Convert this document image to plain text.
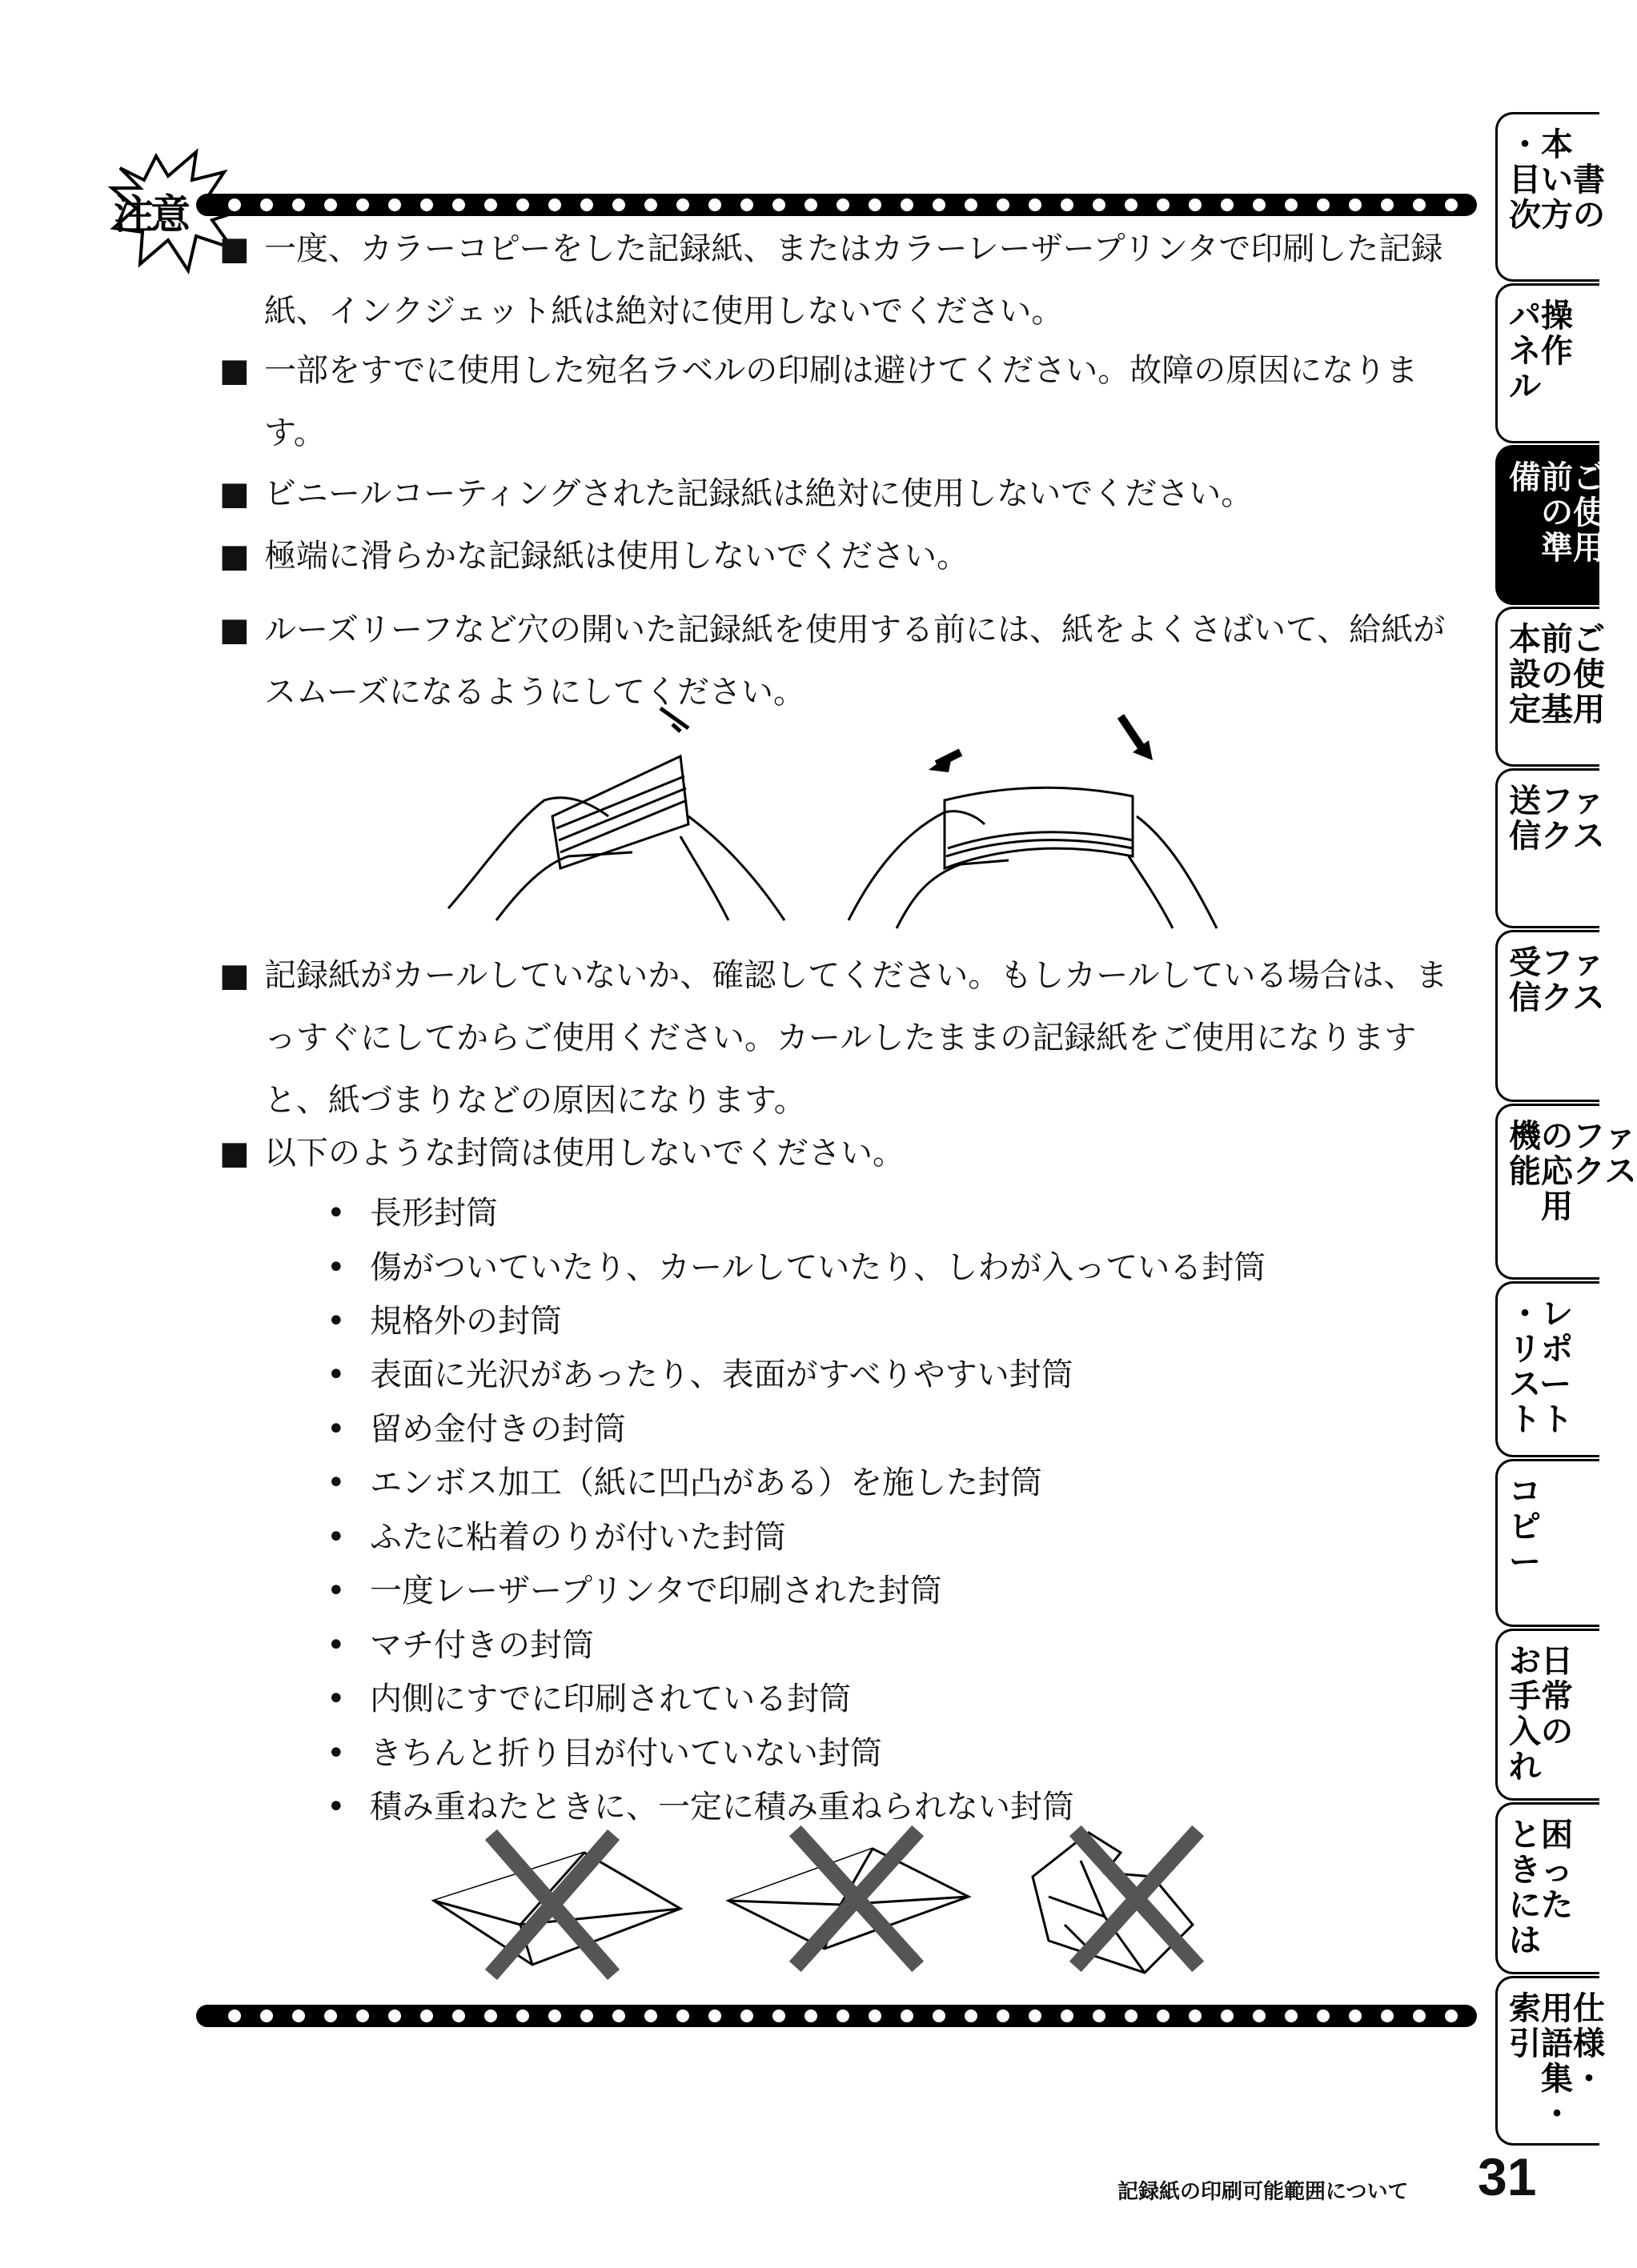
注意
■ 一度、カラーコピーをした記録紙、またはカラーレーザープリンタで印刷した記録紙、インクジェット紙は絶対に使用しないでください。
■ 一部をすでに使用した宛名ラベルの印刷は避けてください。故障の原因になります。
■ ビニールコーティングされた記録紙は絶対に使用しないでください。
■ 極端に滑らかな記録紙は使用しないでください。
■ ルーズリーフなど穴の開いた記録紙を使用する前には、紙をよくさばいて、給紙がスムーズになるようにしてください。
■ 記録紙がカールしていないか、確認してください。もしカールしている場合は、まっすぐにしてからご使用ください。カールしたままの記録紙をご使用になりますと、紙づまりなどの原因になります。
■ 以下のような封筒は使用しないでください。
• 長形封筒
• 傷がついていたり、カールしていたり、しわが入っている封筒
• 規格外の封筒
• 表面に光沢があったり、表面がすべりやすい封筒
• 留め金付きの封筒
• エンボス加工（紙に凹凸がある）を施した封筒
• ふたに粘着のりが付いた封筒
• 一度レーザープリンタで印刷された封筒
• マチ付きの封筒
• 内側にすでに印刷されている封筒
• きちんと折り目が付いていない封筒
• 積み重ねたときに、一定に積み重ねられない封筒
・本
目い書
次方の
パ操
ネ作
ル
備前ご
　の使
　準用
本前ご
設の使
定基用
送ファ
信クス
受ファ
信クス
機のファ
能応クス
　用
・レ
リポ
スー
トト
コ
ピ
ー
お日
手常
入の
れ
と困
きっ
にた
は
索用仕
引語様
　集・
　・
記録紙の印刷可能範囲について 31
